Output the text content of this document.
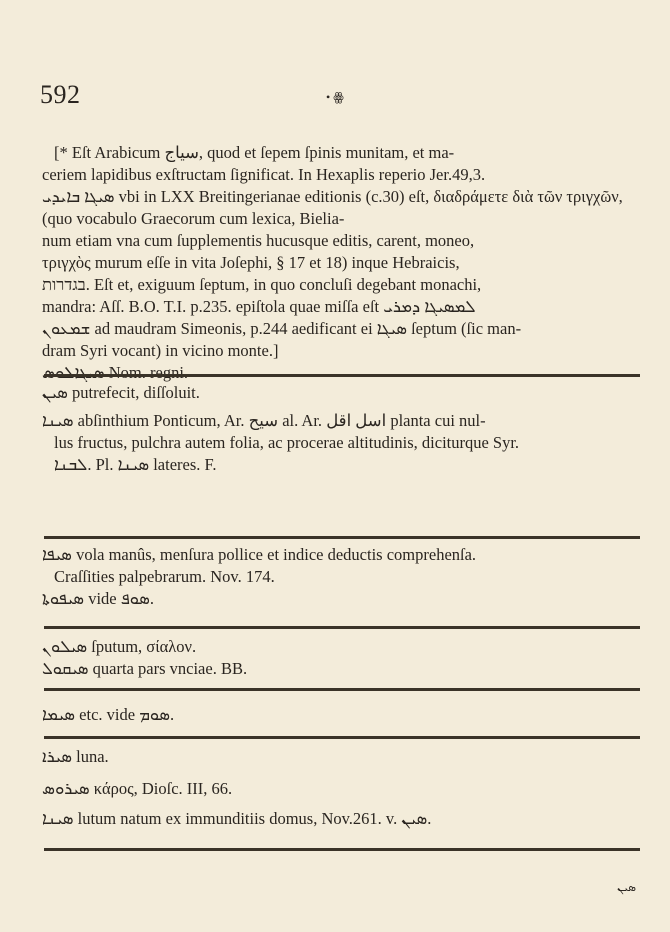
592	• ꙮ
[* Eſt Arabicum ﺳﻴﺎﺝ, quod et ſepem ſpinis munitam, et ma-
ceriem lapidibus exſtructam ſignificat. In Hexaplis reperio Jer.49,3.
ܣܝܓܐ ܒܐܝܕܝ vbi in LXX Breitingerianae editionis (c.30) eſt, διαδράμετε διὰ τῶν τριγχῶν, (quo vocabulo Graecorum cum lexica, Bielia-
num etiam vna cum ſupplementis hucusque editis, carent, moneo,
τριγχὸς murum eſſe in vita Joſephi, § 17 et 18) inque Hebraicis,
בגדרות. Eſt et, exiguum ſeptum, in quo concluſi degebant monachi,
mandra: Aſſ. B.O. T.I. p.235. epiſtola quae miſſa eſt ܠܡܣܝܓܐ ܕܡܪܝ
ܫܡܥܘܢ ad maudram Simeonis, p.244 aedificant ei ܣܝܓܐ ſeptum (ſic man-
dram Syri vocant) in vicino monte.]
ܣܝܓܐܠܘܣ Nom. regni.
ܣܝܢ putrefecit, diſſoluit.
ܣܝܢܐ abſinthium Ponticum, Ar. ﺳﻴﺢ al. Ar. ﺍﺳﻞ ﺍﻗﻞ planta cui nul-
lus fructus, pulchra autem folia, ac procerae altitudinis, diciturque Syr.
ܠܒܢܐ. Pl. ܣܝܢܐ lateres. F.
ܣܝܦܐ vola manûs, menſura pollice et indice deductis comprehenſa.
Craſſities palpebrarum. Nov. 174.
ܣܝܦܘܬܐ vide ܣܘܦ.
ܣܝܠܘܢ ſputum, σίαλον.
ܣܝܩܘܠ quarta pars vnciae. BB.
ܣܝܡܐ etc. vide ܣܘܡ.
ܣܝܪܐ luna.
ܣܝܪܘܣ κάρος, Dioſc. III, 66.
ܣܝܢܐ lutum natum ex immunditiis domus, Nov.261. v. ܣܝܢ.
ܣܝܢ
